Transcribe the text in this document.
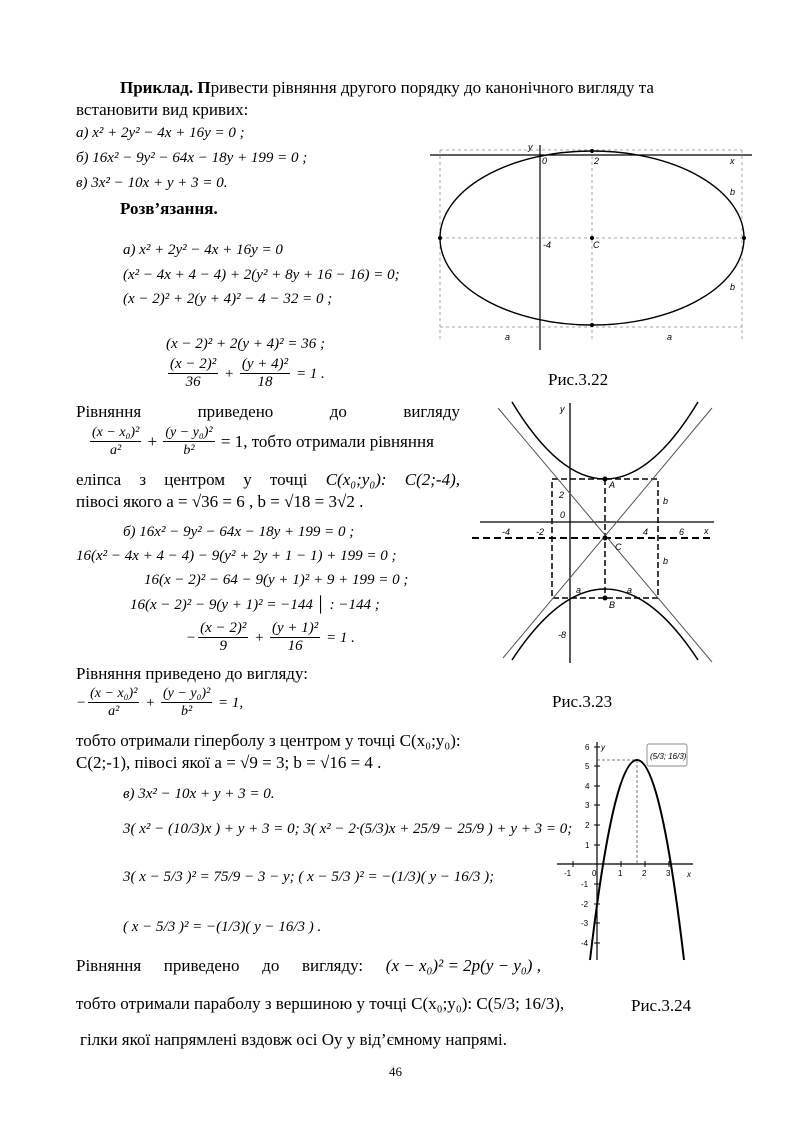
Приклад. Привести рівняння другого порядку до канонічного вигляду та
встановити вид кривих:
а) x² + 2y² − 4x + 16y = 0 ;
б) 16x² − 9y² − 64x − 18y + 199 = 0 ;
в) 3x² − 10x + y + 3 = 0.
Розв’язання.
а) x² + 2y² − 4x + 16y = 0
(x² − 4x + 4 − 4) + 2(y² + 8y + 16 − 16) = 0;
(x − 2)² + 2(y + 4)² − 4 − 32 = 0 ;
(x − 2)² + 2(y + 4)² = 36 ;
$\frac{\text{(x − 2)²}}{36} + \frac{\text{(y + 4)²}}{18}$
= 1 .
Рівняння	приведено	до	вигляду
$\frac{\text{(x − x₀)²}}{\text{a²}} + \frac{\text{(y − y₀)²}}{\text{b²}} = 1$ , тобто отримали рівняння
еліпса з центром у точці C(x₀;y₀): C(2;-4),
півосі якого a = √36 = 6 , b = √18 = 3√2 .
б) 16x² − 9y² − 64x − 18y + 199 = 0 ;
16(x² − 4x + 4 − 4) − 9(y² + 2y + 1 − 1) + 199 = 0 ;
16(x − 2)² − 64 − 9(y + 1)² + 9 + 199 = 0 ;
16(x − 2)² − 9(y + 1)² = −144 │ : −144 ;
− $\frac{\text{(x − 2)²}}{9} + \frac{\text{(y + 1)²}}{16}$
= 1 .
Рівняння приведено до вигляду:
− $\frac{\text{(x − x₀)²}}{\text{a²}} + \frac{\text{(y − y₀)²}}{\text{b²}}$
= 1,
тобто отримали гіперболу з центром у точці C(x₀;y₀):
C(2;-1), півосі якої a = √9 = 3; b = √16 = 4 .
в) 3x² − 10x + y + 3 = 0.
3( x² − (10/3)x ) + y + 3 = 0; 3( x² − 2·(5/3)x + 25/9 − 25/9 ) + y + 3 = 0;
3( x − 5/3 )² = 75/9 − 3 − y; ( x − 5/3 )² = −(1/3)( y − 16/3 );
( x − 5/3 )² = −(1/3)( y − 16/3 ) .
Рівняння приведено до вигляду: (x − x₀)² = 2p(y − y₀) ,
тобто отримали параболу з вершиною у точці C(x₀;y₀): C(5/3; 16/3),
гілки якої напрямлені вздовж осі Oy у від’ємному напрямі.
46
y
x
0	2
-4	C
b
b
a	a
Рис.3.22
y
x
A
B
C
b
b
a	a
2
0
-4	-2	4	6
-8
Рис.3.23
(5/3; 16/3)
y
x
6
5
4
3
2
1
-1
-2
-3
-4
-1	0	1 2 3
Рис.3.24
